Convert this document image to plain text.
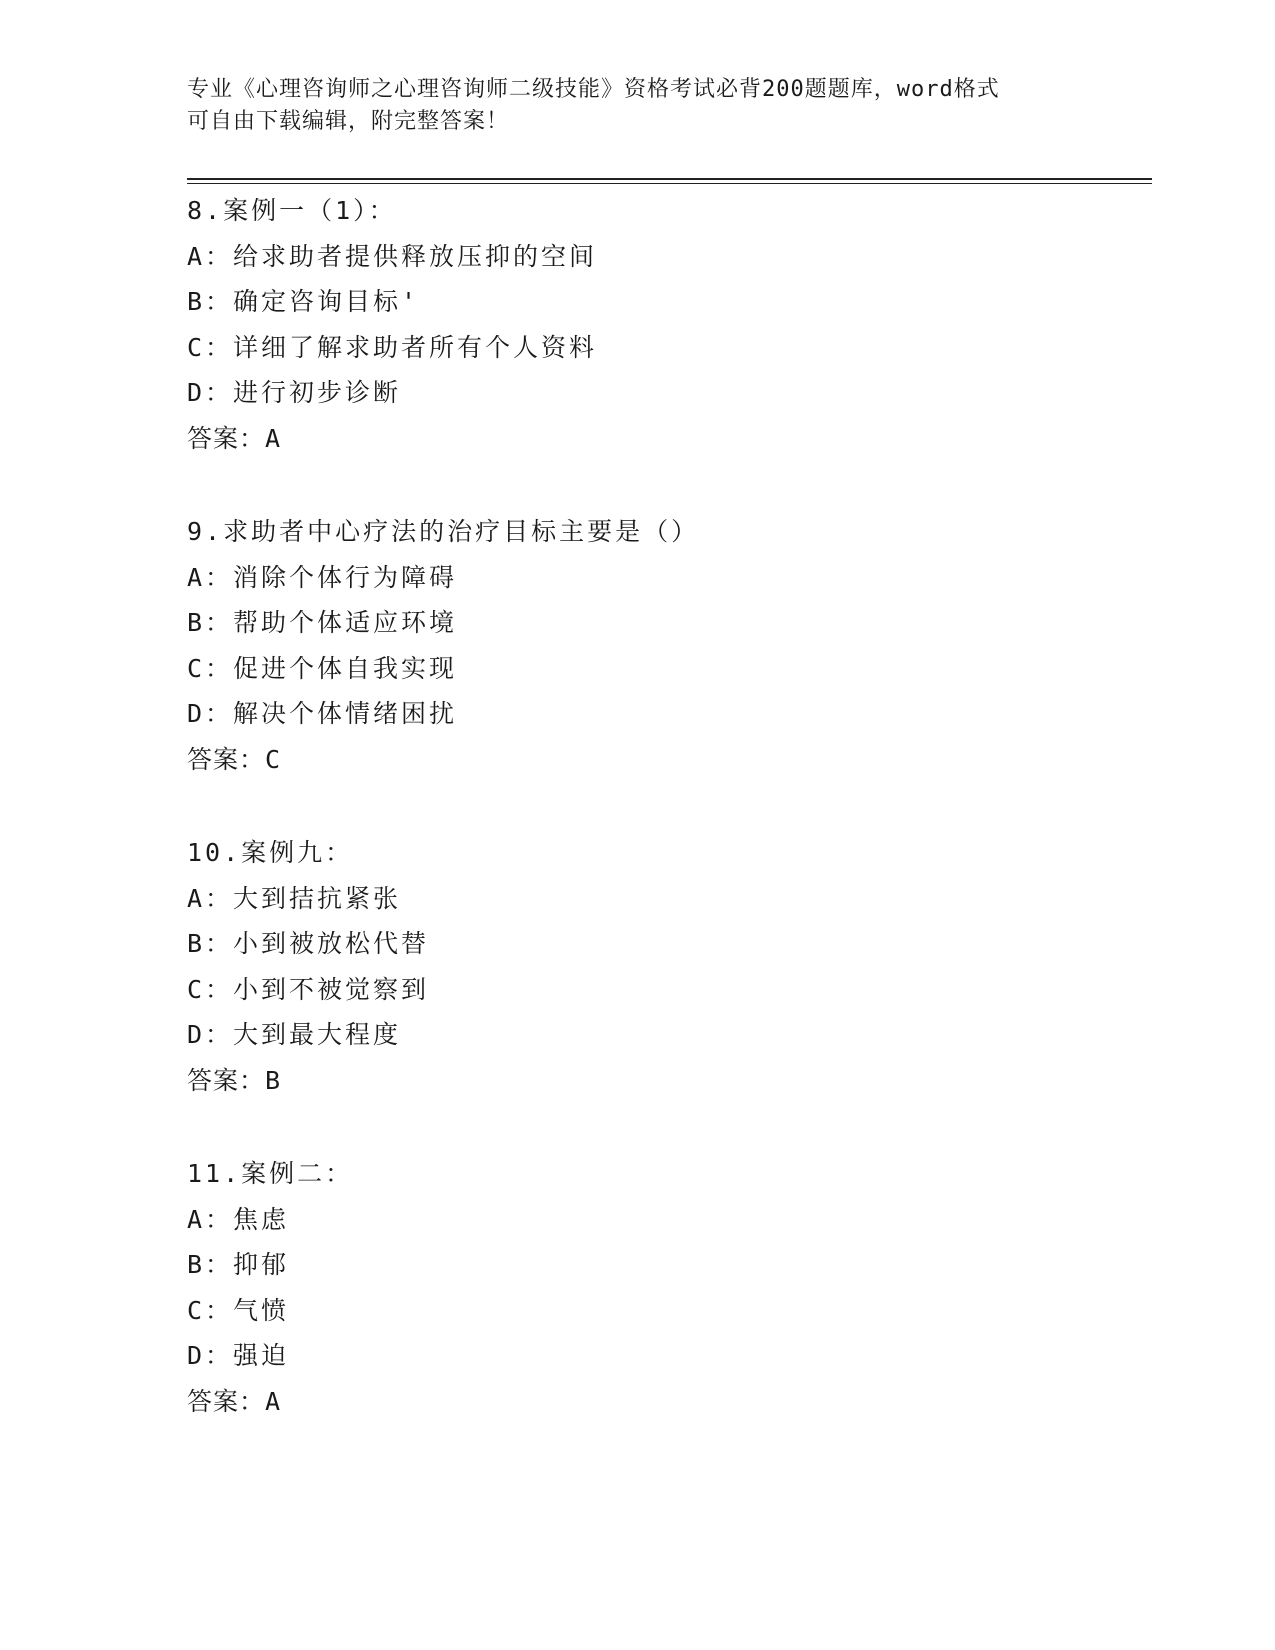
专业《心理咨询师之心理咨询师二级技能》资格考试必背200题题库，word格式
可自由下载编辑，附完整答案！
8.案例一（1）：
A：给求助者提供释放压抑的空间
B：确定咨询目标'
C：详细了解求助者所有个人资料
D：进行初步诊断
答案：A
9.求助者中心疗法的治疗目标主要是（）
A：消除个体行为障碍
B：帮助个体适应环境
C：促进个体自我实现
D：解决个体情绪困扰
答案：C
10.案例九：
A：大到拮抗紧张
B：小到被放松代替
C：小到不被觉察到
D：大到最大程度
答案：B
11.案例二：
A：焦虑
B：抑郁
C：气愤
D：强迫
答案：A
